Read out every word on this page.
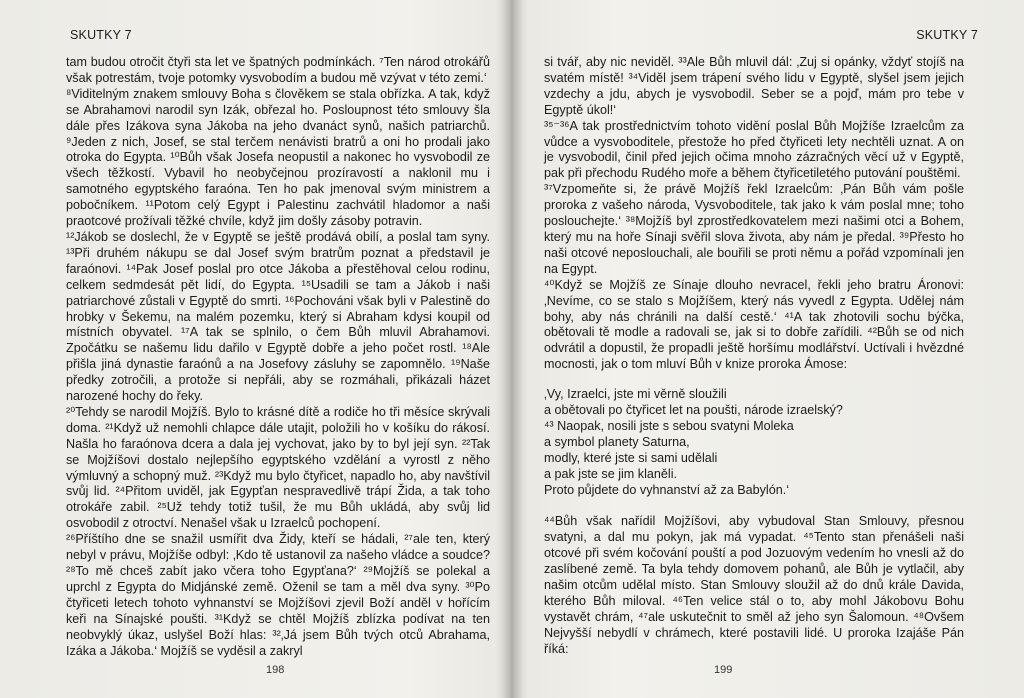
SKUTKY 7

tam budou otročit čtyři sta let ve špatných podmínkách. ⁷Ten národ otrokářů však potrestám, tvoje potomky vysvobodím a budou mě vzývat v této zemi.‘

⁸Viditelným znakem smlouvy Boha s člověkem se stala obřízka. A tak, když se Abrahamovi narodil syn Izák, obřezal ho. Posloupnost této smlouvy šla dále přes Izákova syna Jákoba na jeho dvanáct synů, našich patriarchů. ⁹Jeden z nich, Josef, se stal terčem nenávisti bratrů a oni ho prodali jako otroka do Egypta. ¹⁰Bůh však Josefa neopustil a nakonec ho vysvobodil ze všech těžkostí. Vybavil ho neobyčejnou prozíravostí a naklonil mu i samotného egyptského faraóna. Ten ho pak jmenoval svým ministrem a pobočníkem. ¹¹Potom celý Egypt i Palestinu zachvátil hladomor a naši praotcové prožívali těžké chvíle, když jim došly zásoby potravin.

¹²Jákob se doslechl, že v Egyptě se ještě prodává obilí, a poslal tam syny. ¹³Při druhém nákupu se dal Josef svým bratrům poznat a představil je faraónovi. ¹⁴Pak Josef poslal pro otce Jákoba a přestěhoval celou rodinu, celkem sedmdesát pět lidí, do Egypta. ¹⁵Usadili se tam a Jákob i naši patriarchové zůstali v Egyptě do smrti. ¹⁶Pochováni však byli v Palestině do hrobky v Šekemu, na malém pozemku, který si Abraham kdysi koupil od místních obyvatel. ¹⁷A tak se splnilo, o čem Bůh mluvil Abrahamovi. Zpočátku se našemu lidu dařilo v Egyptě dobře a jeho počet rostl. ¹⁸Ale přišla jiná dynastie faraónů a na Josefovy zásluhy se zapomnělo. ¹⁹Naše předky zotročili, a protože si nepřáli, aby se rozmáhali, přikázali házet narozené hochy do řeky.

²⁰Tehdy se narodil Mojžíš. Bylo to krásné dítě a rodiče ho tři měsíce skrývali doma. ²¹Když už nemohli chlapce dále utajit, položili ho v košíku do rákosí. Našla ho faraónova dcera a dala jej vychovat, jako by to byl její syn. ²²Tak se Mojžíšovi dostalo nejlepšího egyptského vzdělání a vyrostl z něho výmluvný a schopný muž. ²³Když mu bylo čtyřicet, napadlo ho, aby navštívil svůj lid. ²⁴Přitom uviděl, jak Egypťan nespravedlivě trápí Žida, a tak toho otrokáře zabil. ²⁵Už tehdy totiž tušil, že mu Bůh ukládá, aby svůj lid osvobodil z otroctví. Nenašel však u Izraelců pochopení.

²⁶Příštího dne se snažil usmířit dva Židy, kteří se hádali, ²⁷ale ten, který nebyl v právu, Mojžíše odbyl: ‚Kdo tě ustanovil za našeho vládce a soudce? ²⁸To mě chceš zabít jako včera toho Egypťana?‘ ²⁹Mojžíš se polekal a uprchl z Egypta do Midjánské země. Oženil se tam a měl dva syny. ³⁰Po čtyřiceti letech tohoto vyhnanství se Mojžíšovi zjevil Boží anděl v hořícím keři na Sínajské poušti. ³¹Když se chtěl Mojžíš zblízka podívat na ten neobvyklý úkaz, uslyšel Boží hlas: ³²‚Já jsem Bůh tvých otců Abrahama, Izáka a Jákoba.‘ Mojžíš se vyděsil a zakryl

198
SKUTKY 7

si tvář, aby nic neviděl. ³³Ale Bůh mluvil dál: ‚Zuj si opánky, vždyť stojíš na svatém místě! ³⁴Viděl jsem trápení svého lidu v Egyptě, slyšel jsem jejich vzdechy a jdu, abych je vysvobodil. Seber se a pojď, mám pro tebe v Egyptě úkol!‘

³⁵⁻³⁶A tak prostřednictvím tohoto vidění poslal Bůh Mojžíše Izraelcům za vůdce a vysvoboditele, přestože ho před čtyřiceti lety nechtěli uznat. A on je vysvobodil, činil před jejich očima mnoho zázračných věcí už v Egyptě, pak při přechodu Rudého moře a během čtyřicetiletého putování pouštěmi.

³⁷Vzpomeňte si, že právě Mojžíš řekl Izraelcům: ‚Pán Bůh vám pošle proroka z vašeho národa, Vysvoboditele, tak jako k vám poslal mne; toho poslouchejte.‘ ³⁸Mojžíš byl zprostředkovatelem mezi našimi otci a Bohem, který mu na hoře Sínaji svěřil slova života, aby nám je předal. ³⁹Přesto ho naši otcové neposlouchali, ale bouřili se proti němu a pořád vzpomínali jen na Egypt.

⁴⁰Když se Mojžíš ze Sínaje dlouho nevracel, řekli jeho bratru Áronovi: ‚Nevíme, co se stalo s Mojžíšem, který nás vyvedl z Egypta. Udělej nám bohy, aby nás chránili na další cestě.‘ ⁴¹A tak zhotovili sochu býčka, obětovali tě modle a radovali se, jak si to dobře zařídili. ⁴²Bůh se od nich odvrátil a dopustil, že propadli ještě horšímu modlářství. Uctívali i hvězdné mocnosti, jak o tom mluví Bůh v knize proroka Ámose:

‚Vy, Izraelci, jste mi věrně sloužili
a obětovali po čtyřicet let na poušti, národe izraelský?
⁴³ Naopak, nosili jste s sebou svatyni Moleka
a symbol planety Saturna,
modly, které jste si sami udělali
a pak jste se jim klaněli.
Proto půjdete do vyhnanství až za Babylón.‘

⁴⁴Bůh však nařídil Mojžíšovi, aby vybudoval Stan Smlouvy, přesnou svatyni, a dal mu pokyn, jak má vypadat. ⁴⁵Tento stan přenášeli naši otcové při svém kočování pouští a pod Jozuovým vedením ho vnesli až do zaslíbené země. Ta byla tehdy domovem pohanů, ale Bůh je vytlačil, aby našim otcům udělal místo. Stan Smlouvy sloužil až do dnů krále Davida, kterého Bůh miloval. ⁴⁶Ten velice stál o to, aby mohl Jákobovu Bohu vystavět chrám, ⁴⁷ale uskutečnit to směl až jeho syn Šalomoun. ⁴⁸Ovšem Nejvyšší nebydlí v chrámech, které postavili lidé. U proroka Izajáše Pán říká:

199
